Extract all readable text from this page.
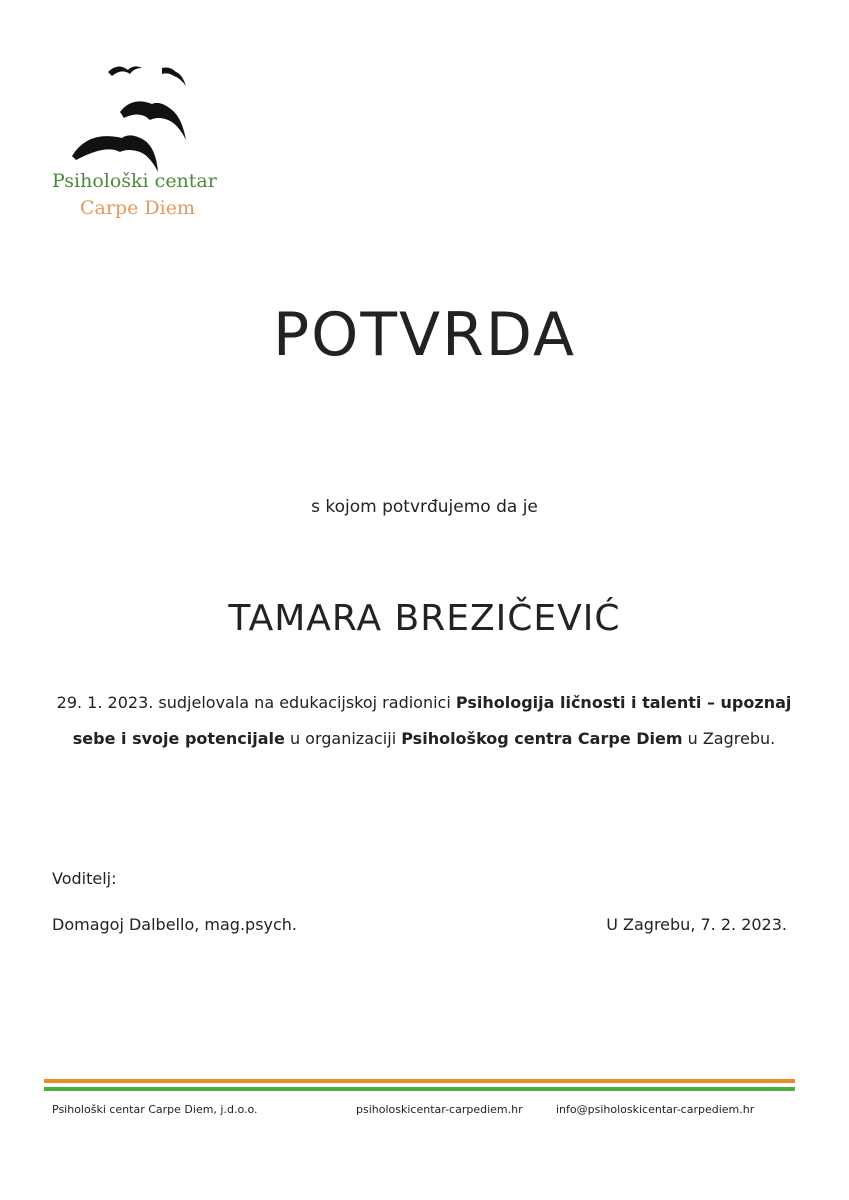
Psihološki centar
Carpe Diem
POTVRDA
s kojom potvrđujemo da je
TAMARA BREZIČEVIĆ
29. 1. 2023. sudjelovala na edukacijskoj radionici Psihologija ličnosti i talenti – upoznaj sebe i svoje potencijale u organizaciji Psihološkog centra Carpe Diem u Zagrebu.
Voditelj:
Domagoj Dalbello, mag.psych.	U Zagrebu, 7. 2. 2023.
Psihološki centar Carpe Diem, j.d.o.o.	psiholoskicentar-carpediem.hr	info@psiholoskicentar-carpediem.hr
